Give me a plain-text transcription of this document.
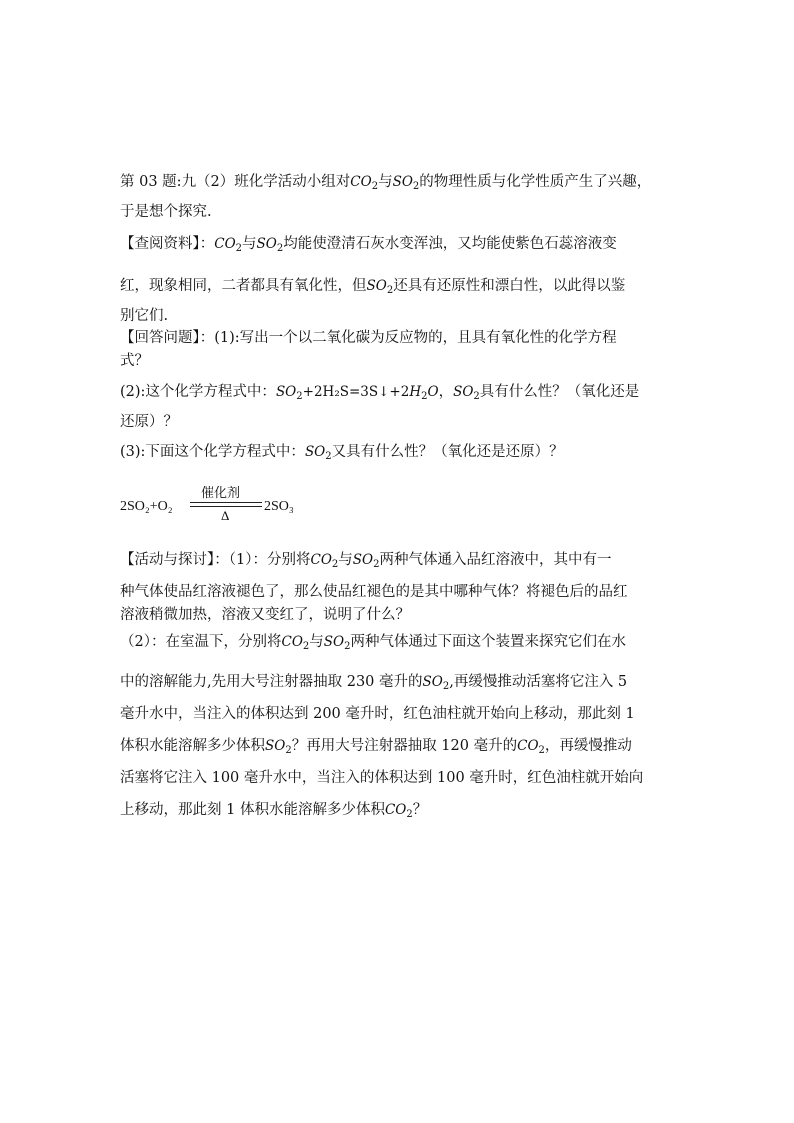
第 03 题:九（2）班化学活动小组对$CO_2$与$SO_2$的物理性质与化学性质产生了兴趣，
于是想个探究.
【查阅资料】：$CO_2$与$SO_2$均能使澄清石灰水变浑浊，又均能使紫色石蕊溶液变
红，现象相同，二者都具有氧化性，但$SO_2$还具有还原性和漂白性，以此得以鉴
别它们.
【回答问题】：(1):写出一个以二氧化碳为反应物的，且具有氧化性的化学方程
式？
(2):这个化学方程式中：$SO_2+2H_2S=3S↓+2H_2O$，$SO_2$具有什么性？（氧化还是
还原）？
(3):下面这个化学方程式中：$SO_2$又具有什么性？（氧化还是还原）？
2SO₂+O₂
催化剂
Δ
2SO₃
【活动与探讨】：（1）：分别将$CO_2$与$SO_2$两种气体通入品红溶液中，其中有一
种气体使品红溶液褪色了，那么使品红褪色的是其中哪种气体？将褪色后的品红
溶液稍微加热，溶液又变红了，说明了什么？
（2）：在室温下，分别将$CO_2$与$SO_2$两种气体通过下面这个装置来探究它们在水
中的溶解能力,先用大号注射器抽取 230 毫升的$SO_2$,再缓慢推动活塞将它注入 5
毫升水中，当注入的体积达到 200 毫升时，红色油柱就开始向上移动，那此刻 1
体积水能溶解多少体积$SO_2$？再用大号注射器抽取 120 毫升的$CO_2$，再缓慢推动
活塞将它注入 100 毫升水中，当注入的体积达到 100 毫升时，红色油柱就开始向
上移动，那此刻 1 体积水能溶解多少体积$CO_2$？
